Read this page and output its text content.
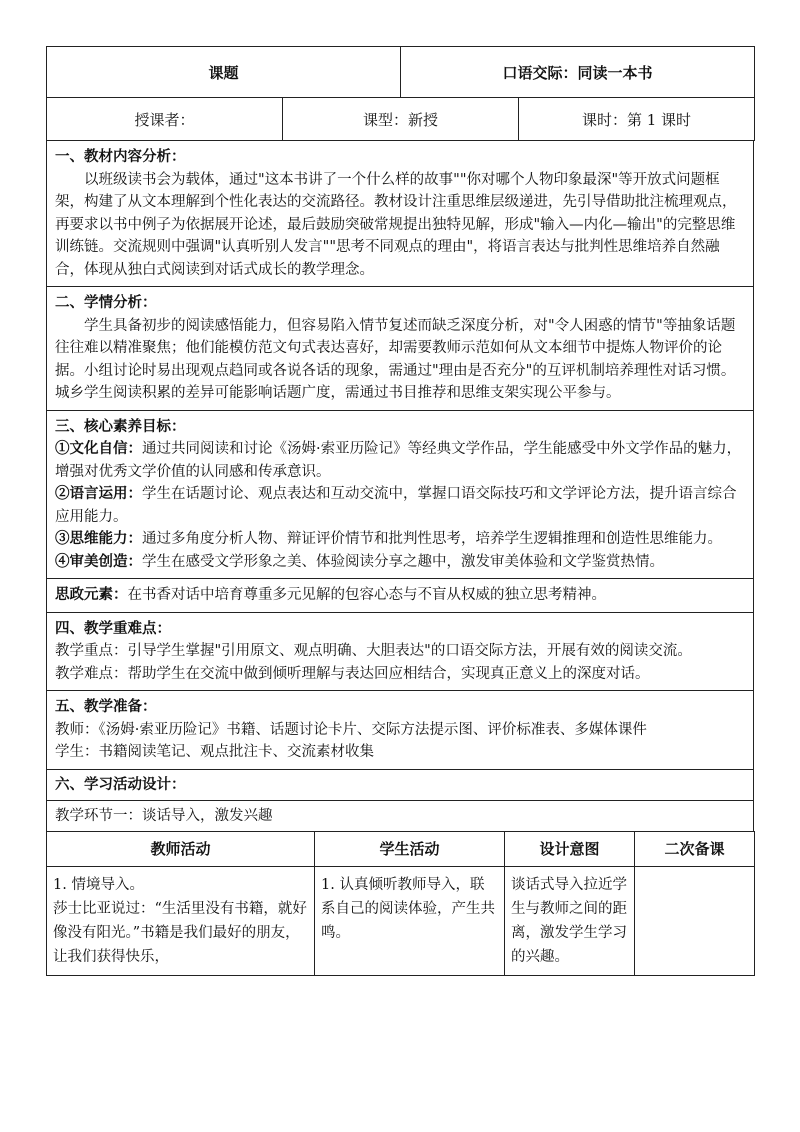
课题	口语交际：同读一本书
授课者：	课型：新授	课时：第 1 课时
一、教材内容分析：
以班级读书会为载体，通过"这本书讲了一个什么样的故事""你对哪个人物印象最深"等开放式问题框架，构建了从文本理解到个性化表达的交流路径。教材设计注重思维层级递进，先引导借助批注梳理观点，再要求以书中例子为依据展开论述，最后鼓励突破常规提出独特见解，形成"输入—内化—输出"的完整思维训练链。交流规则中强调"认真听别人发言""思考不同观点的理由"，将语言表达与批判性思维培养自然融合，体现从独白式阅读到对话式成长的教学理念。

二、学情分析：
学生具备初步的阅读感悟能力，但容易陷入情节复述而缺乏深度分析，对"令人困惑的情节"等抽象话题往往难以精准聚焦；他们能模仿范文句式表达喜好，却需要教师示范如何从文本细节中提炼人物评价的论据。小组讨论时易出现观点趋同或各说各话的现象，需通过"理由是否充分"的互评机制培养理性对话习惯。城乡学生阅读积累的差异可能影响话题广度，需通过书目推荐和思维支架实现公平参与。

三、核心素养目标：
①文化自信：通过共同阅读和讨论《汤姆·索亚历险记》等经典文学作品，学生能感受中外文学作品的魅力，增强对优秀文学价值的认同感和传承意识。
②语言运用：学生在话题讨论、观点表达和互动交流中，掌握口语交际技巧和文学评论方法，提升语言综合应用能力。
③思维能力：通过多角度分析人物、辩证评价情节和批判性思考，培养学生逻辑推理和创造性思维能力。
④审美创造：学生在感受文学形象之美、体验阅读分享之趣中，激发审美体验和文学鉴赏热情。

思政元素：在书香对话中培育尊重多元见解的包容心态与不盲从权威的独立思考精神。

四、教学重难点：
教学重点：引导学生掌握"引用原文、观点明确、大胆表达"的口语交际方法，开展有效的阅读交流。
教学难点：帮助学生在交流中做到倾听理解与表达回应相结合，实现真正意义上的深度对话。

五、教学准备：
教师：《汤姆·索亚历险记》书籍、话题讨论卡片、交际方法提示图、评价标准表、多媒体课件
学生：书籍阅读笔记、观点批注卡、交流素材收集

六、学习活动设计：

教学环节一：谈话导入，激发兴趣
教师活动	学生活动	设计意图	二次备课

1. 情境导入。
莎士比亚说过：“生活里没有书籍，就好像没有阳光。”书籍是我们最好的朋友，让我们获得快乐，	1. 认真倾听教师导入，联系自己的阅读体验，产生共鸣。	谈话式导入拉近学生与教师之间的距离，激发学生学习的兴趣。	
